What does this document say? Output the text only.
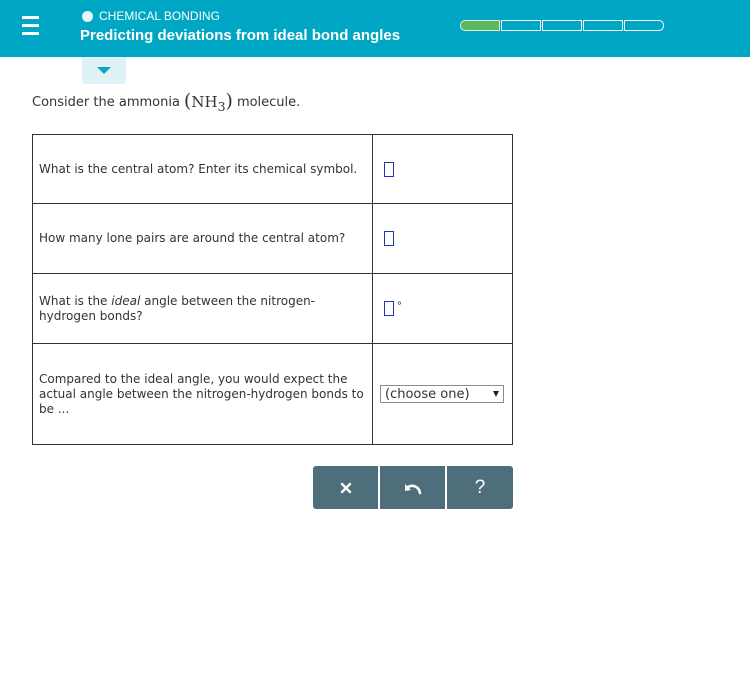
CHEMICAL BONDING
Predicting deviations from ideal bond angles
Consider the ammonia $(NH_3)$ molecule.
What is the central atom? Enter its chemical symbol.	
How many lone pairs are around the central atom?	
What is the ideal angle between the nitrogen-hydrogen bonds?	°
Compared to the ideal angle, you would expect the actual angle between the nitrogen-hydrogen bonds to be ...	(choose one)
?
